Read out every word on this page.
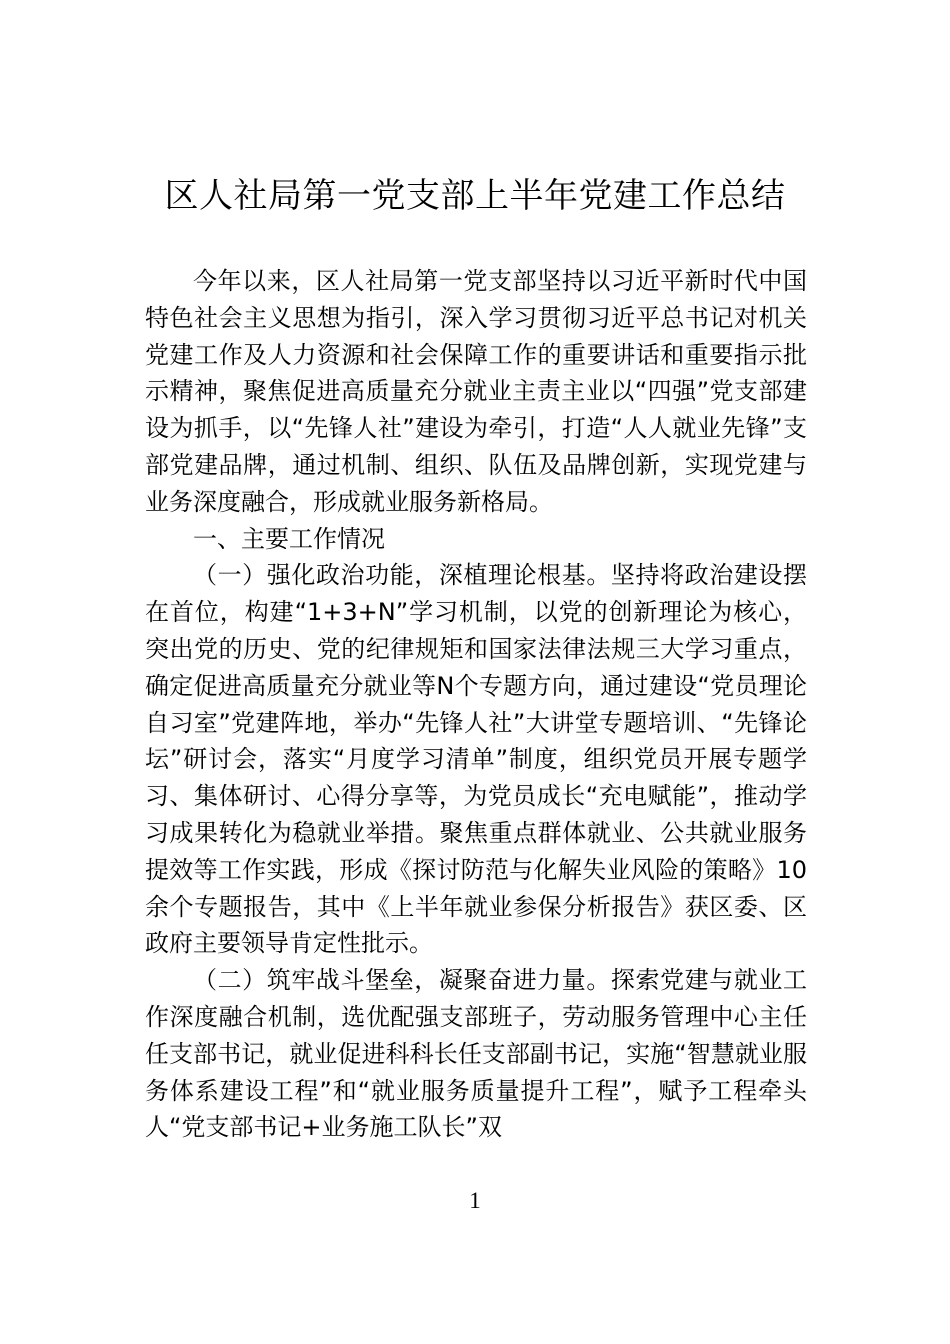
区人社局第一党支部上半年党建工作总结

今年以来，区人社局第一党支部坚持以习近平新时代中国特色社会主义思想为指引，深入学习贯彻习近平总书记对机关党建工作及人力资源和社会保障工作的重要讲话和重要指示批示精神，聚焦促进高质量充分就业主责主业以“四强”党支部建设为抓手，以“先锋人社”建设为牵引，打造“人人就业先锋”支部党建品牌，通过机制、组织、队伍及品牌创新，实现党建与业务深度融合，形成就业服务新格局。

一、主要工作情况

（一）强化政治功能，深植理论根基。坚持将政治建设摆在首位，构建“1+3+N”学习机制，以党的创新理论为核心，突出党的历史、党的纪律规矩和国家法律法规三大学习重点，确定促进高质量充分就业等N个专题方向，通过建设“党员理论自习室”党建阵地，举办“先锋人社”大讲堂专题培训、“先锋论坛”研讨会，落实“月度学习清单”制度，组织党员开展专题学习、集体研讨、心得分享等，为党员成长“充电赋能”，推动学习成果转化为稳就业举措。聚焦重点群体就业、公共就业服务提效等工作实践，形成《探讨防范与化解失业风险的策略》10余个专题报告，其中《上半年就业参保分析报告》获区委、区政府主要领导肯定性批示。

（二）筑牢战斗堡垒，凝聚奋进力量。探索党建与就业工作深度融合机制，选优配强支部班子，劳动服务管理中心主任任支部书记，就业促进科科长任支部副书记，实施“智慧就业服务体系建设工程”和“就业服务质量提升工程”，赋予工程牵头人“党支部书记+业务施工队长”双

1
